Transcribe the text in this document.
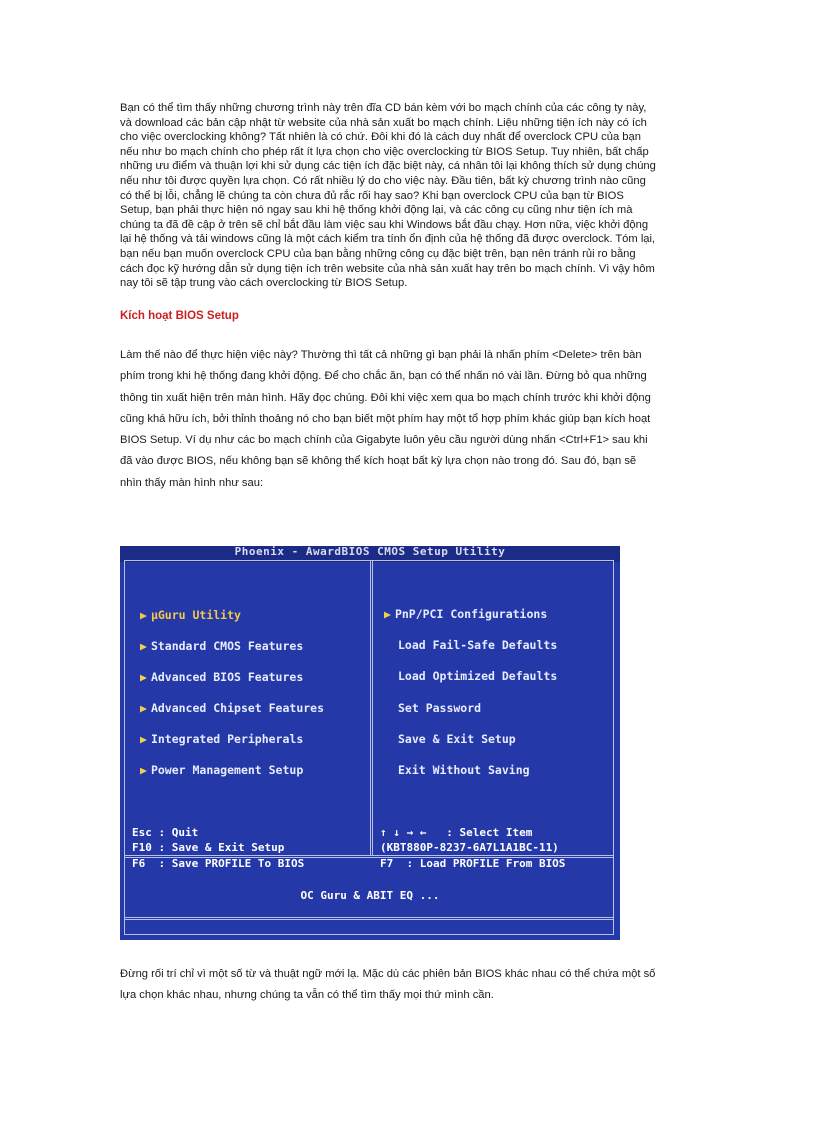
Bạn có thể tìm thấy những chương trình này trên đĩa CD bán kèm với bo mạch chính của các công ty này,
và download các bản cập nhật từ website của nhà sản xuất bo mạch chính. Liệu những tiện ích này có ích
cho việc overclocking không? Tất nhiên là có chứ. Đôi khi đó là cách duy nhất để overclock CPU của bạn
nếu như bo mạch chính cho phép rất ít lựa chọn cho việc overclocking từ BIOS Setup. Tuy nhiên, bất chấp
những ưu điểm và thuận lợi khi sử dụng các tiện ích đặc biệt này, cá nhân tôi lại không thích sử dụng chúng
nếu như tôi được quyền lựa chọn. Có rất nhiều lý do cho việc này. Đầu tiên, bất kỳ chương trình nào cũng
có thể bị lỗi, chẳng lẽ chúng ta còn chưa đủ rắc rối hay sao? Khi bạn overclock CPU của bạn từ BIOS
Setup, bạn phải thực hiện nó ngay sau khi hệ thống khởi động lại, và các công cụ cũng như tiện ích mà
chúng ta đã đề cập ở trên sẽ chỉ bắt đầu làm việc sau khi Windows bắt đầu chạy. Hơn nữa, việc khởi động
lại hệ thống và tải windows cũng là một cách kiểm tra tính ổn định của hệ thống đã được overclock. Tóm lại,
bạn nếu bạn muốn overclock CPU của bạn bằng những công cụ đặc biệt trên, bạn nên tránh rủi ro bằng
cách đọc kỹ hướng dẫn sử dụng tiện ích trên website của nhà sản xuất hay trên bo mạch chính. Vì vậy hôm
nay tôi sẽ tập trung vào cách overclocking từ BIOS Setup.

Kích hoạt BIOS Setup

Làm thế nào để thực hiện việc này? Thường thì tất cả những gì bạn phải là nhấn phím <Delete> trên bàn
phím trong khi hệ thống đang khởi động. Để cho chắc ăn, bạn có thể nhấn nó vài lần. Đừng bỏ qua những
thông tin xuất hiện trên màn hình. Hãy đọc chúng. Đôi khi việc xem qua bo mạch chính trước khi khởi động
cũng khá hữu ích, bởi thỉnh thoảng nó cho bạn biết một phím hay một tổ hợp phím khác giúp bạn kích hoạt
BIOS Setup. Ví dụ như các bo mạch chính của Gigabyte luôn yêu cầu người dùng nhấn <Ctrl+F1> sau khi
đã vào được BIOS, nếu không bạn sẽ không thể kích hoạt bất kỳ lựa chọn nào trong đó. Sau đó, bạn sẽ
nhìn thấy màn hình như sau:

Phoenix - AwardBIOS CMOS Setup Utility
▶ μGuru Utility
▶ Standard CMOS Features
▶ Advanced BIOS Features
▶ Advanced Chipset Features
▶ Integrated Peripherals
▶ Power Management Setup
▶ PnP/PCI Configurations
Load Fail-Safe Defaults
Load Optimized Defaults
Set Password
Save & Exit Setup
Exit Without Saving
Esc : Quit
F10 : Save & Exit Setup
F6  : Save PROFILE To BIOS
↑ ↓ → ←   : Select Item
(KBT880P-8237-6A7L1A1BC-11)
F7  : Load PROFILE From BIOS
OC Guru & ABIT EQ ...

Đừng rối trí chỉ vì một số từ và thuật ngữ mới lạ. Mặc dù các phiên bản BIOS khác nhau có thể chứa một số
lựa chọn khác nhau, nhưng chúng ta vẫn có thể tìm thấy mọi thứ mình cần.
